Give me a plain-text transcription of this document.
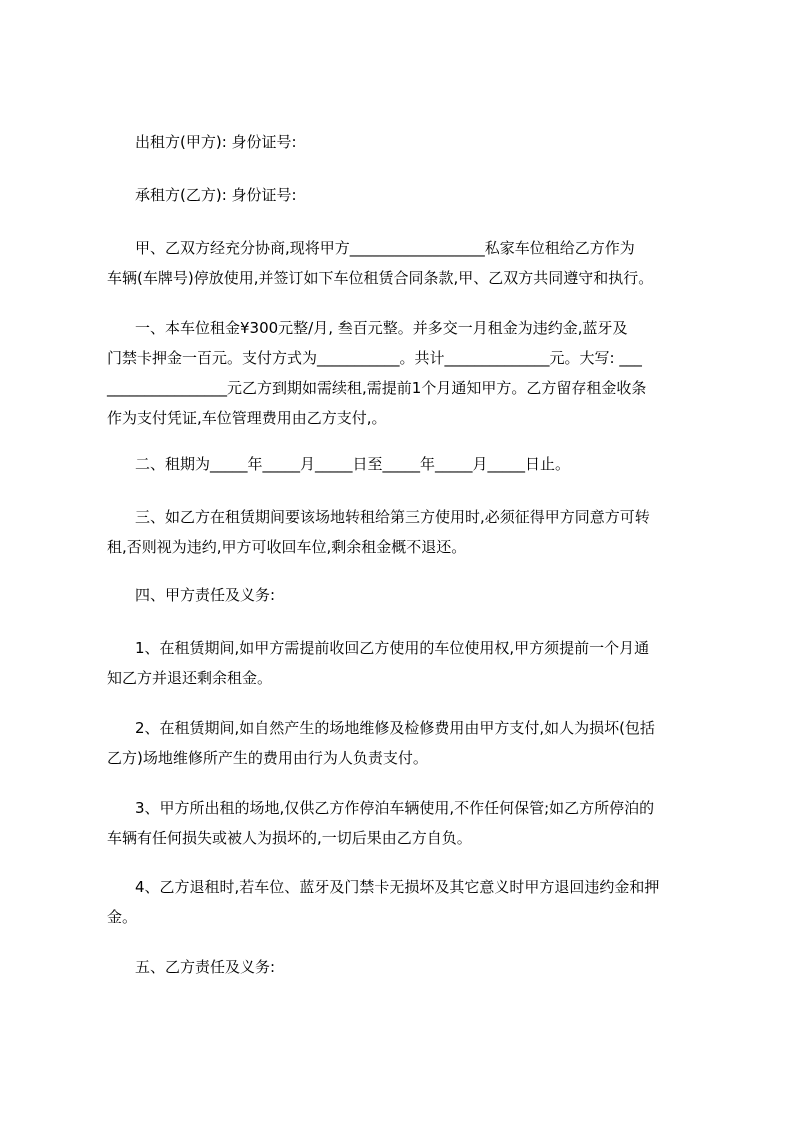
出租方(甲方): 身份证号:

承租方(乙方): 身份证号:

甲、乙双方经充分协商,现将甲方__________________私家车位租给乙方作为
车辆(车牌号)停放使用,并签订如下车位租赁合同条款,甲、乙双方共同遵守和执行。

一、本车位租金¥300元整/月, 叁百元整。并多交一月租金为违约金,蓝牙及
门禁卡押金一百元。支付方式为___________。共计______________元。大写: ___
________________元乙方到期如需续租,需提前1个月通知甲方。乙方留存租金收条
作为支付凭证,车位管理费用由乙方支付,。

二、租期为_____年_____月_____日至_____年_____月_____日止。

三、如乙方在租赁期间要该场地转租给第三方使用时,必须征得甲方同意方可转
租,否则视为违约,甲方可收回车位,剩余租金概不退还。

四、甲方责任及义务:

1、在租赁期间,如甲方需提前收回乙方使用的车位使用权,甲方须提前一个月通
知乙方并退还剩余租金。

2、在租赁期间,如自然产生的场地维修及检修费用由甲方支付,如人为损坏(包括
乙方)场地维修所产生的费用由行为人负责支付。

3、甲方所出租的场地,仅供乙方作停泊车辆使用,不作任何保管;如乙方所停泊的
车辆有任何损失或被人为损坏的,一切后果由乙方自负。

4、乙方退租时,若车位、蓝牙及门禁卡无损坏及其它意义时甲方退回违约金和押
金。

五、乙方责任及义务:
